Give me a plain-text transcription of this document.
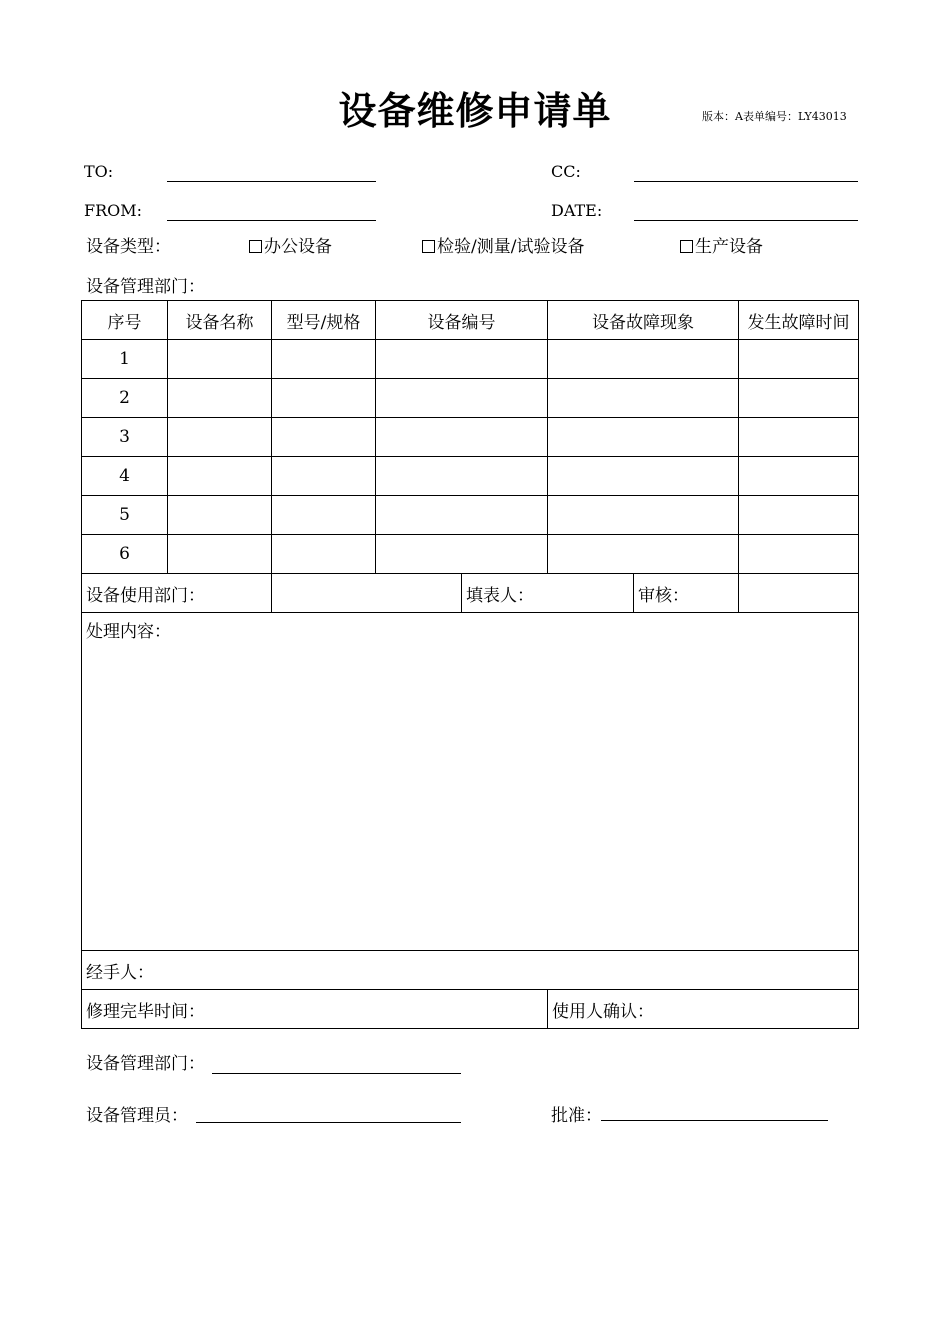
设备维修申请单	版本：A表单编号：LY43013
TO:	CC:
FROM:	DATE:
设备类型：	办公设备	检验/测量/试验设备	生产设备
设备管理部门：
序号	设备名称	型号/规格	设备编号		设备故障现象		发生故障时间
1							
2							
3							
4							
5							
6							
设备使用部门：				填表人：		审核：	
处理内容：							
经手人：							
修理完毕时间：					使用人确认：		
设备管理部门：
设备管理员：	批准：
